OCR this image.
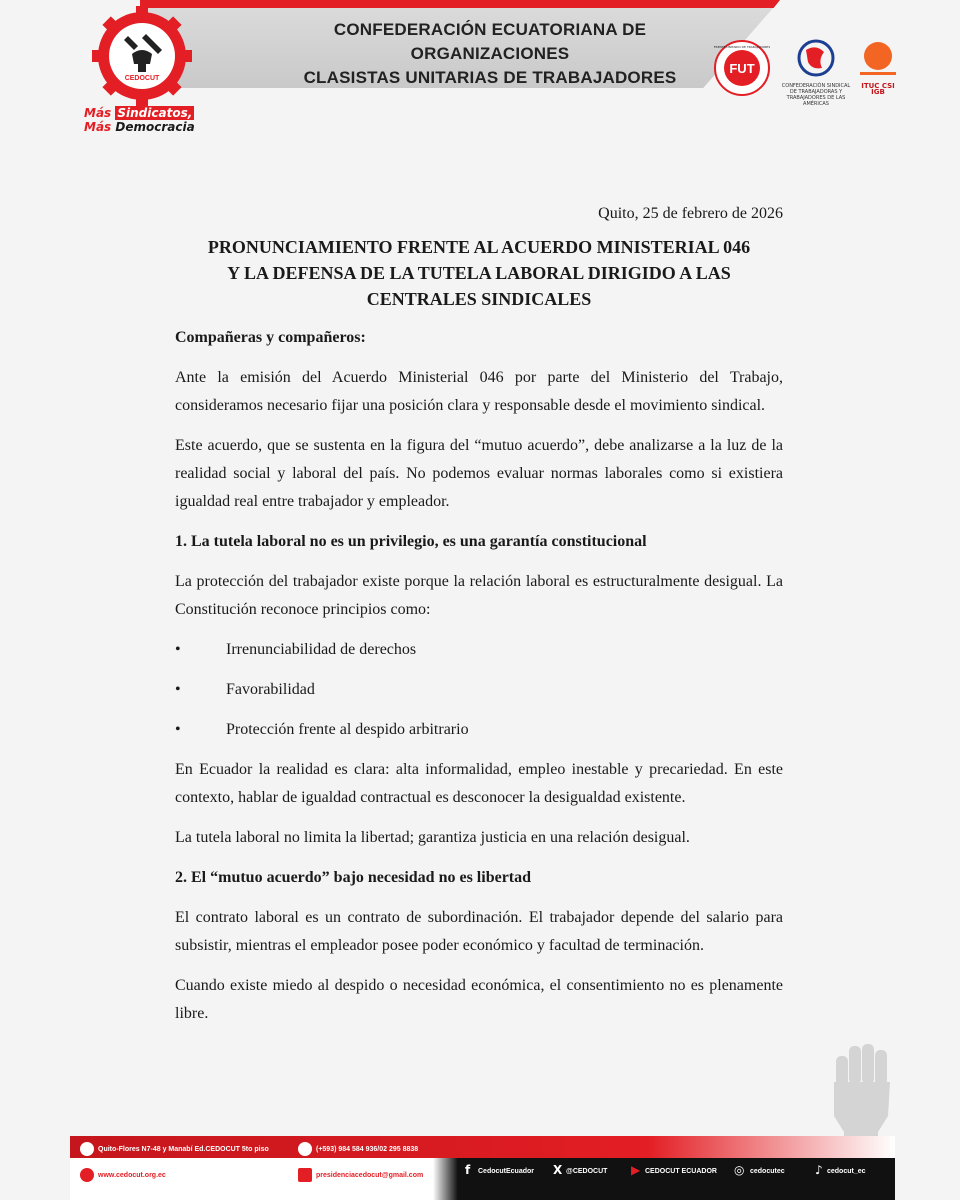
CONFEDERACIÓN ECUATORIANA DE ORGANIZACIONES
CLASISTAS UNITARIAS DE TRABAJADORES
CEDOCUT
Más Sindicatos,
Más Democracia
FUT
FRENTE UNITARIO DE TRABAJADORES
CONFEDERACIÓN SINDICAL DE TRABAJADORAS Y TRABAJADORES DE LAS AMÉRICAS
ITUC CSI IGB
Quito, 25 de febrero de 2026
PRONUNCIAMIENTO FRENTE AL ACUERDO MINISTERIAL 046
Y LA DEFENSA DE LA TUTELA LABORAL DIRIGIDO A LAS
CENTRALES SINDICALES

Compañeras y compañeros:

Ante la emisión del Acuerdo Ministerial 046 por parte del Ministerio del Trabajo, consideramos necesario fijar una posición clara y responsable desde el movimiento sindical.

Este acuerdo, que se sustenta en la figura del “mutuo acuerdo”, debe analizarse a la luz de la realidad social y laboral del país. No podemos evaluar normas laborales como si existiera igualdad real entre trabajador y empleador.

1. La tutela laboral no es un privilegio, es una garantía constitucional

La protección del trabajador existe porque la relación laboral es estructuralmente desigual. La Constitución reconoce principios como:

•	Irrenunciabilidad de derechos
•	Favorabilidad
•	Protección frente al despido arbitrario

En Ecuador la realidad es clara: alta informalidad, empleo inestable y precariedad. En este contexto, hablar de igualdad contractual es desconocer la desigualdad existente.

La tutela laboral no limita la libertad; garantiza justicia en una relación desigual.

2. El “mutuo acuerdo” bajo necesidad no es libertad

El contrato laboral es un contrato de subordinación. El trabajador depende del salario para subsistir, mientras el empleador posee poder económico y facultad de terminación.

Cuando existe miedo al despido o necesidad económica, el consentimiento no es plenamente libre.

Quito-Flores N7-48 y Manabí Ed.CEDOCUT 5to piso	(+593) 984 584 936/02 295 8838
www.cedocut.org.ec	presidenciacedocut@gmail.com	f CedocutEcuador X @CEDOCUT ▶ CEDOCUT ECUADOR ◎ cedocutec	♪ cedocut_ec
